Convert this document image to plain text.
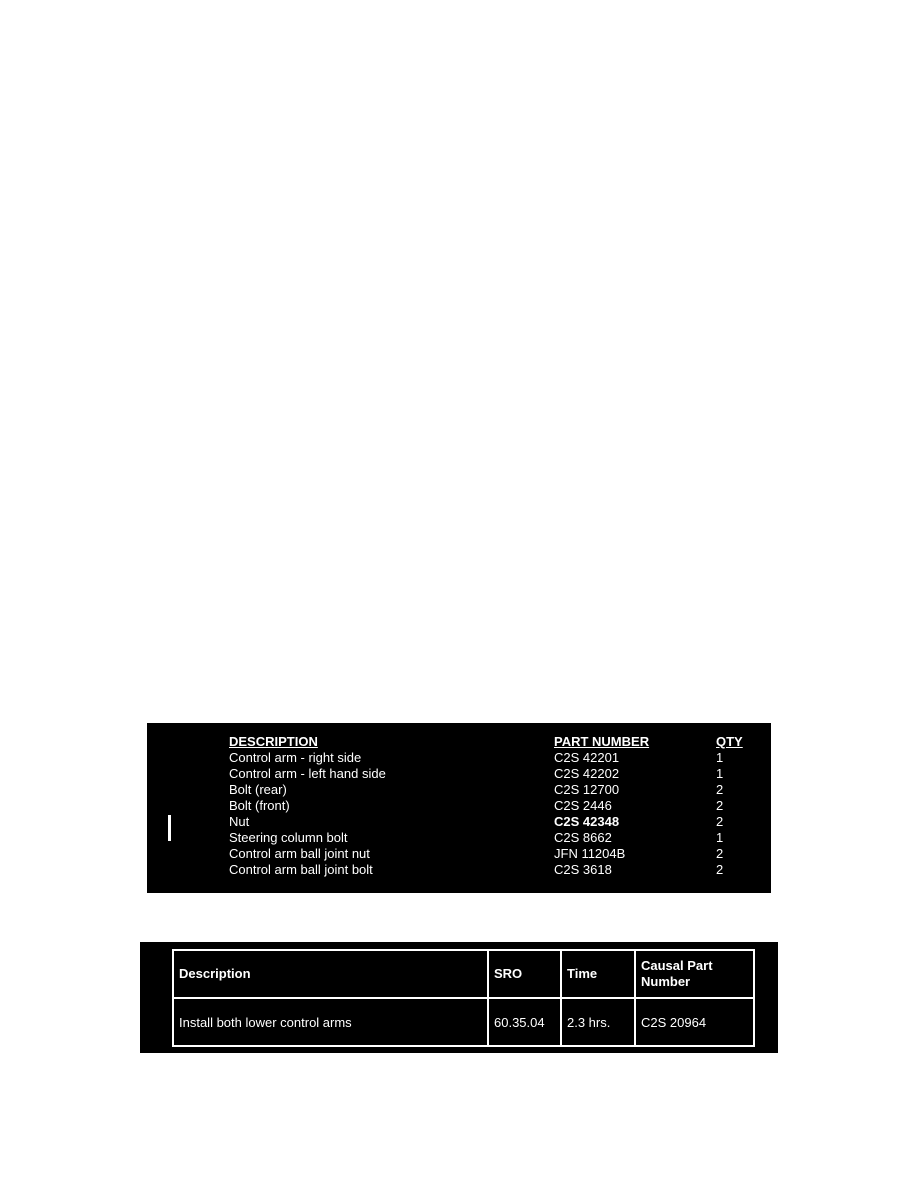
DESCRIPTION	PART NUMBER	QTY
Control arm - right side	C2S 42201	1
Control arm - left hand side	C2S 42202	1
Bolt (rear)	C2S 12700	2
Bolt (front)	C2S 2446	2
Nut	C2S 42348	2
Steering column bolt	C2S 8662	1
Control arm ball joint nut	JFN 11204B	2
Control arm ball joint bolt	C2S 3618	2
Description	SRO	Time	Causal Part Number
Install both lower control arms	60.35.04	2.3 hrs.	C2S 20964
